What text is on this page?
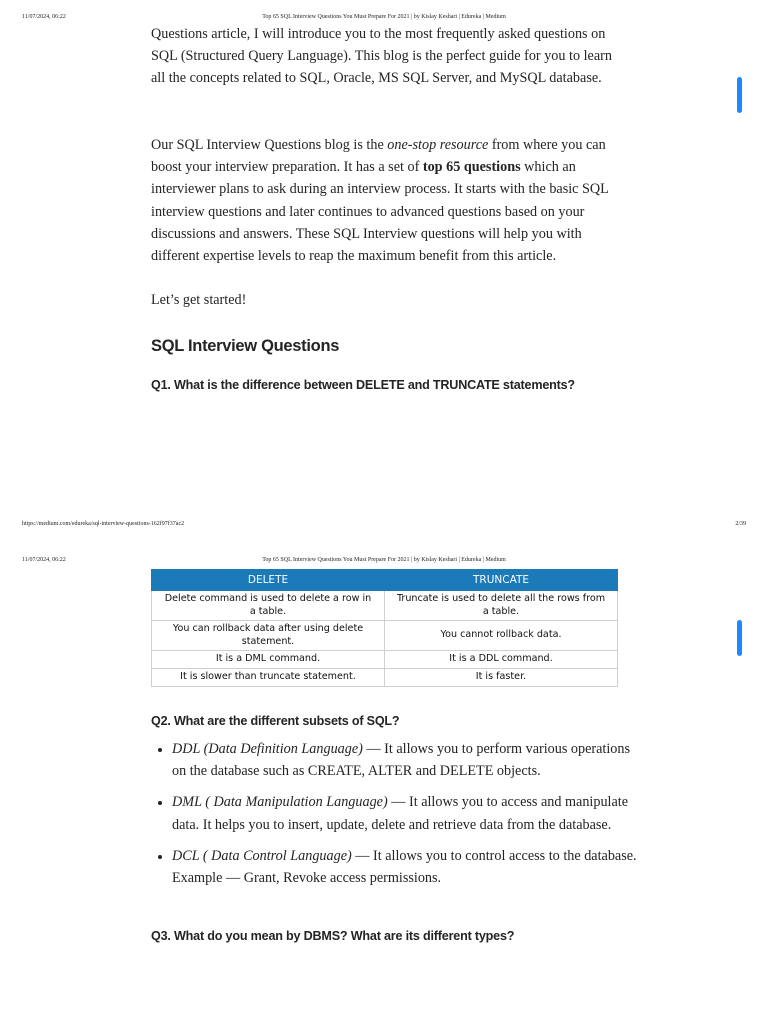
11/07/2024, 06:22	Top 65 SQL Interview Questions You Must Prepare For 2021 | by Kislay Keshari | Edureka | Medium

Questions article, I will introduce you to the most frequently asked questions on SQL (Structured Query Language). This blog is the perfect guide for you to learn all the concepts related to SQL, Oracle, MS SQL Server, and MySQL database.

Our SQL Interview Questions blog is the one-stop resource from where you can boost your interview preparation. It has a set of top 65 questions which an interviewer plans to ask during an interview process. It starts with the basic SQL interview questions and later continues to advanced questions based on your discussions and answers. These SQL Interview questions will help you with different expertise levels to reap the maximum benefit from this article.

Let’s get started!

SQL Interview Questions
Q1. What is the difference between DELETE and TRUNCATE statements?
https://medium.com/edureka/sql-interview-questions-162f97f37ac2	2/39
11/07/2024, 06:22	Top 65 SQL Interview Questions You Must Prepare For 2021 | by Kislay Keshari | Edureka | Medium
DELETE	TRUNCATE
Delete command is used to delete a row in a table.	Truncate is used to delete all the rows from a table.
You can rollback data after using delete statement.	You cannot rollback data.
It is a DML command.	It is a DDL command.
It is slower than truncate statement.	It is faster.
Q2. What are the different subsets of SQL?
• DDL (Data Definition Language) — It allows you to perform various operations on the database such as CREATE, ALTER and DELETE objects.
• DML ( Data Manipulation Language) — It allows you to access and manipulate data. It helps you to insert, update, delete and retrieve data from the database.
• DCL ( Data Control Language) — It allows you to control access to the database. Example — Grant, Revoke access permissions.
Q3. What do you mean by DBMS? What are its different types?
